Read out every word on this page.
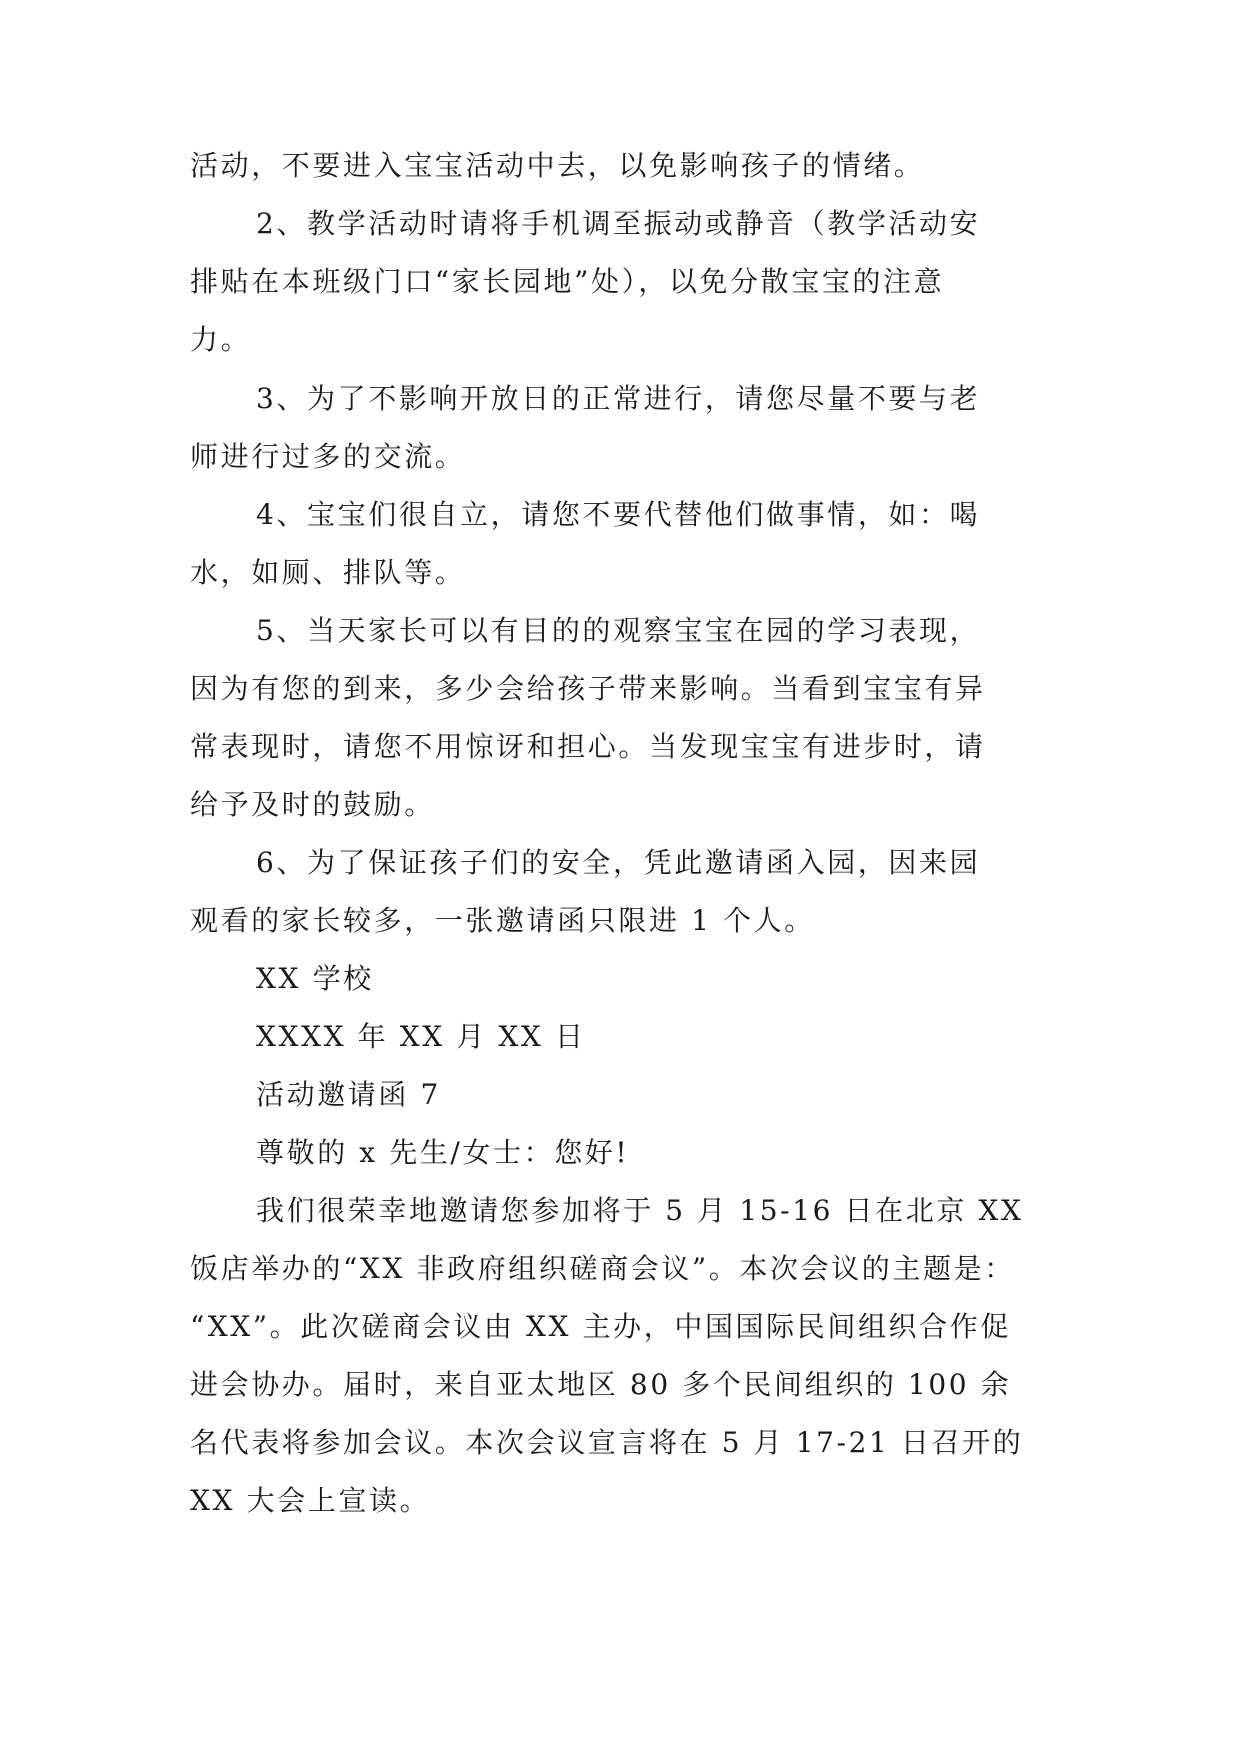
活动，不要进入宝宝活动中去，以免影响孩子的情绪。
2、教学活动时请将手机调至振动或静音（教学活动安
排贴在本班级门口“家长园地”处），以免分散宝宝的注意
力。
3、为了不影响开放日的正常进行，请您尽量不要与老
师进行过多的交流。
4、宝宝们很自立，请您不要代替他们做事情，如：喝
水，如厕、排队等。
5、当天家长可以有目的的观察宝宝在园的学习表现，
因为有您的到来，多少会给孩子带来影响。当看到宝宝有异
常表现时，请您不用惊讶和担心。当发现宝宝有进步时，请
给予及时的鼓励。
6、为了保证孩子们的安全，凭此邀请函入园，因来园
观看的家长较多，一张邀请函只限进 1 个人。
XX 学校
XXXX 年 XX 月 XX 日
活动邀请函 7
尊敬的 x 先生/女士：您好!
我们很荣幸地邀请您参加将于 5 月 15-16 日在北京 XX
饭店举办的“XX 非政府组织磋商会议”。本次会议的主题是：
“XX”。此次磋商会议由 XX 主办，中国国际民间组织合作促
进会协办。届时，来自亚太地区 80 多个民间组织的 100 余
名代表将参加会议。本次会议宣言将在 5 月 17-21 日召开的
XX 大会上宣读。
